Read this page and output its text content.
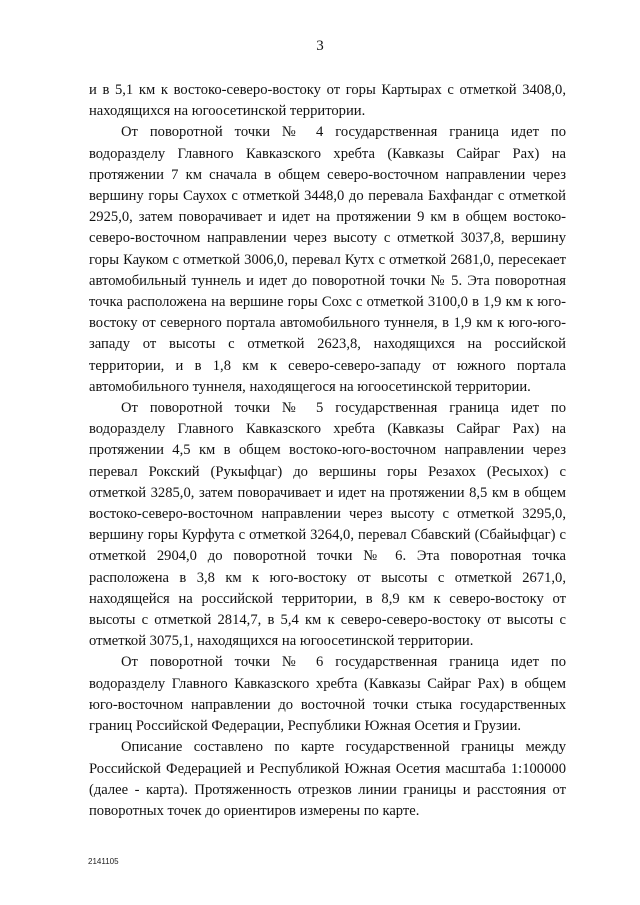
3

и в 5,1 км к востоко-северо-востоку от горы Картырах с отметкой 3408,0, находящихся на югоосетинской территории.

От поворотной точки № 4 государственная граница идет по водоразделу Главного Кавказского хребта (Кавказы Сайраг Рах) на протяжении 7 км сначала в общем северо-восточном направлении через вершину горы Саухох с отметкой 3448,0 до перевала Бахфандаг с отметкой 2925,0, затем поворачивает и идет на протяжении 9 км в общем востоко-северо-восточном направлении через высоту с отметкой 3037,8, вершину горы Кауком с отметкой 3006,0, перевал Кутх с отметкой 2681,0, пересекает автомобильный туннель и идет до поворотной точки № 5. Эта поворотная точка расположена на вершине горы Сохс с отметкой 3100,0 в 1,9 км к юго-востоку от северного портала автомобильного туннеля, в 1,9 км к юго-юго-западу от высоты с отметкой 2623,8, находящихся на российской территории, и в 1,8 км к северо-северо-западу от южного портала автомобильного туннеля, находящегося на югоосетинской территории.

От поворотной точки № 5 государственная граница идет по водоразделу Главного Кавказского хребта (Кавказы Сайраг Рах) на протяжении 4,5 км в общем востоко-юго-восточном направлении через перевал Рокский (Рукыфцаг) до вершины горы Резахох (Ресыхох) с отметкой 3285,0, затем поворачивает и идет на протяжении 8,5 км в общем востоко-северо-восточном направлении через высоту с отметкой 3295,0, вершину горы Курфута с отметкой 3264,0, перевал Сбавский (Сбайыфцаг) с отметкой 2904,0 до поворотной точки № 6. Эта поворотная точка расположена в 3,8 км к юго-востоку от высоты с отметкой 2671,0, находящейся на российской территории, в 8,9 км к северо-востоку от высоты с отметкой 2814,7, в 5,4 км к северо-северо-востоку от высоты с отметкой 3075,1, находящихся на югоосетинской территории.

От поворотной точки № 6 государственная граница идет по водоразделу Главного Кавказского хребта (Кавказы Сайраг Рах) в общем юго-восточном направлении до восточной точки стыка государственных границ Российской Федерации, Республики Южная Осетия и Грузии.

Описание составлено по карте государственной границы между Российской Федерацией и Республикой Южная Осетия масштаба 1:100000 (далее - карта). Протяженность отрезков линии границы и расстояния от поворотных точек до ориентиров измерены по карте.

2141105
